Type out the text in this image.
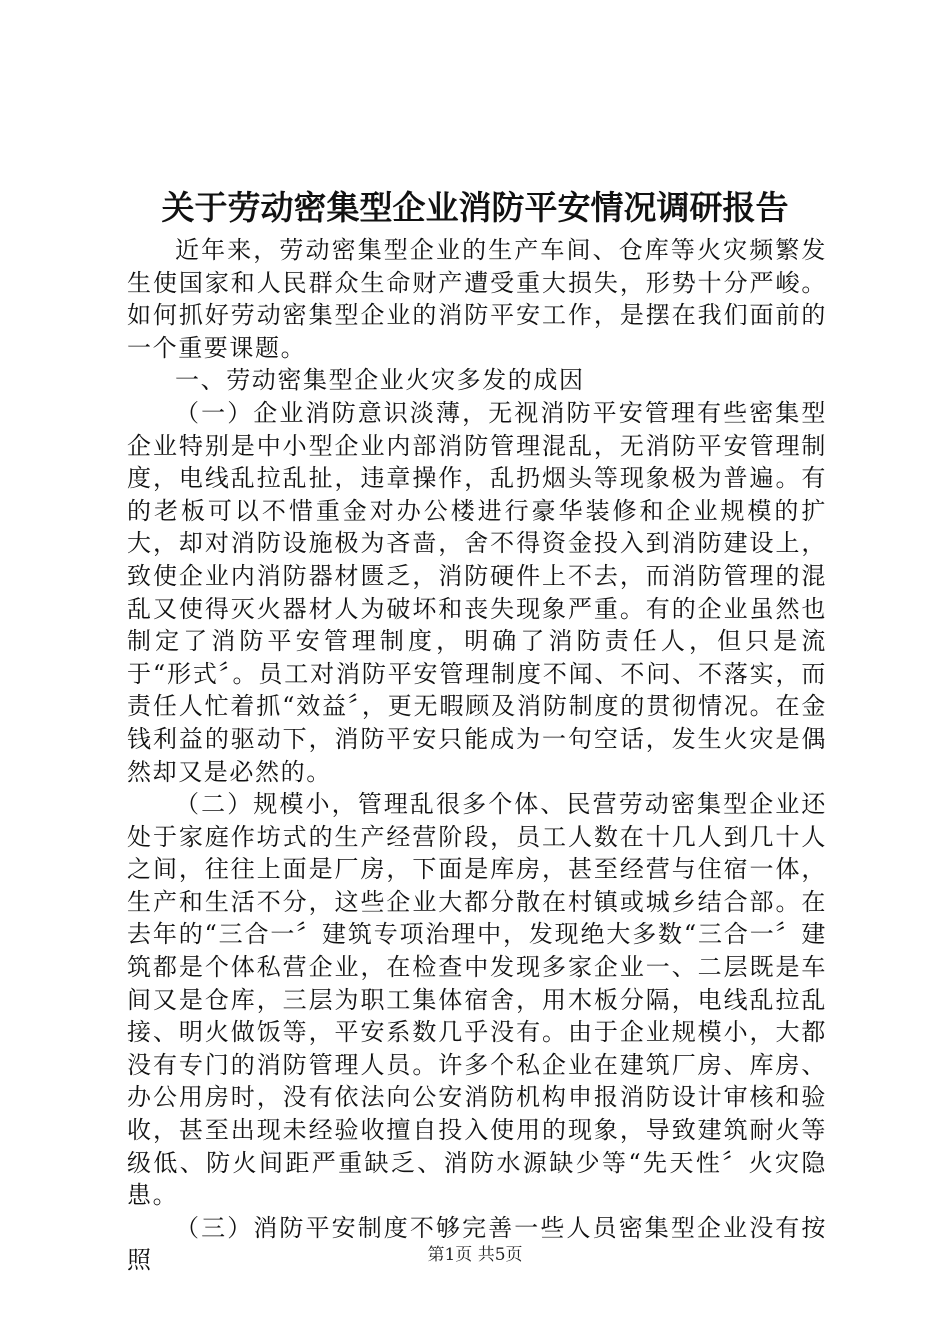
关于劳动密集型企业消防平安情况调研报告

近年来，劳动密集型企业的生产车间、仓库等火灾频繁发生使国家和人民群众生命财产遭受重大损失，形势十分严峻。如何抓好劳动密集型企业的消防平安工作，是摆在我们面前的一个重要课题。

一、劳动密集型企业火灾多发的成因

（一）企业消防意识淡薄，无视消防平安管理有些密集型企业特别是中小型企业内部消防管理混乱，无消防平安管理制度，电线乱拉乱扯，违章操作，乱扔烟头等现象极为普遍。有的老板可以不惜重金对办公楼进行豪华装修和企业规模的扩大，却对消防设施极为吝啬，舍不得资金投入到消防建设上，致使企业内消防器材匮乏，消防硬件上不去，而消防管理的混乱又使得灭火器材人为破坏和丧失现象严重。有的企业虽然也制定了消防平安管理制度，明确了消防责任人，但只是流于“形式〞。员工对消防平安管理制度不闻、不问、不落实，而责任人忙着抓“效益〞，更无暇顾及消防制度的贯彻情况。在金钱利益的驱动下，消防平安只能成为一句空话，发生火灾是偶然却又是必然的。

（二）规模小，管理乱很多个体、民营劳动密集型企业还处于家庭作坊式的生产经营阶段，员工人数在十几人到几十人之间，往往上面是厂房，下面是库房，甚至经营与住宿一体，生产和生活不分，这些企业大都分散在村镇或城乡结合部。在去年的“三合一〞建筑专项治理中，发现绝大多数“三合一〞建筑都是个体私营企业，在检查中发现多家企业一、二层既是车间又是仓库，三层为职工集体宿舍，用木板分隔，电线乱拉乱接、明火做饭等，平安系数几乎没有。由于企业规模小，大都没有专门的消防管理人员。许多个私企业在建筑厂房、库房、办公用房时，没有依法向公安消防机构申报消防设计审核和验收，甚至出现未经验收擅自投入使用的现象，导致建筑耐火等级低、防火间距严重缺乏、消防水源缺少等“先天性〞火灾隐患。

（三）消防平安制度不够完善一些人员密集型企业没有按照	第1页 共5页
